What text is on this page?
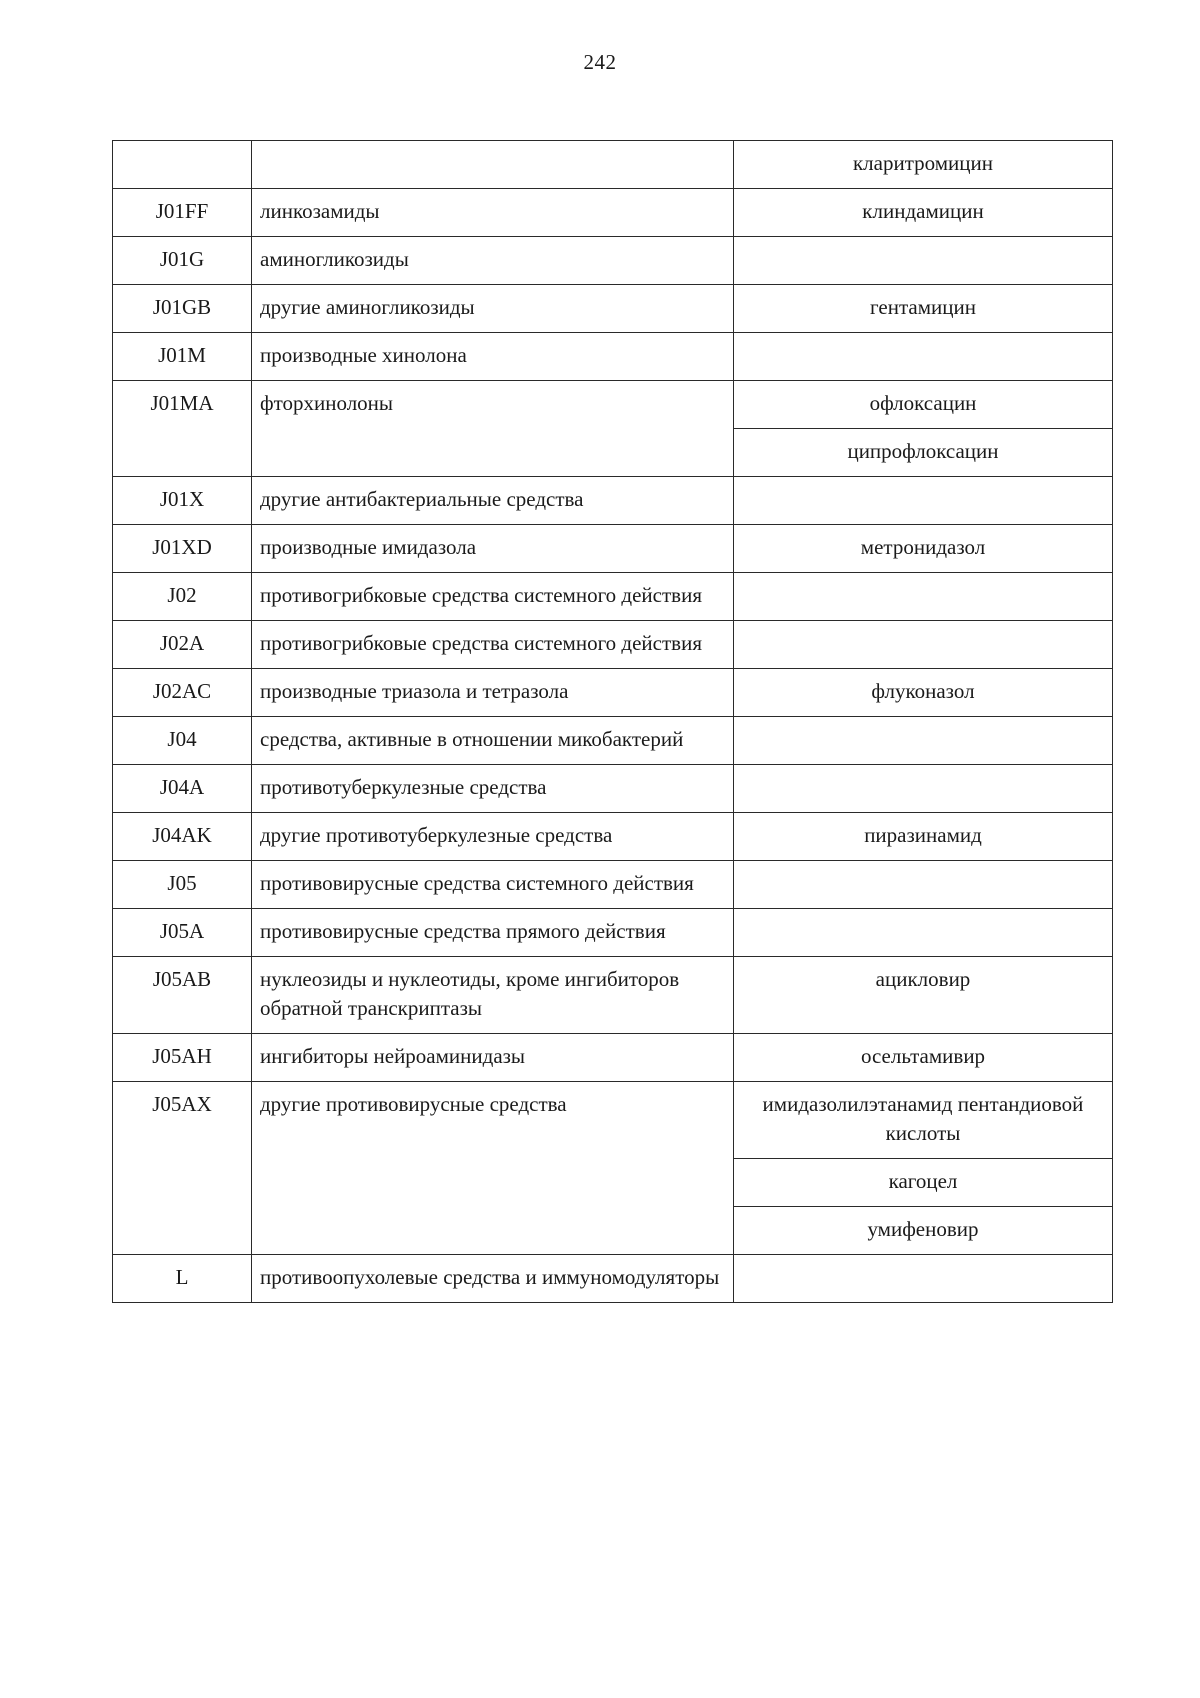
242
		кларитромицин
J01FF	линкозамиды	клиндамицин
J01G	аминогликозиды	
J01GB	другие аминогликозиды	гентамицин
J01M	производные хинолона	
J01MA	фторхинолоны	офлоксацин
		ципрофлоксацин
J01X	другие антибактериальные средства	
J01XD	производные имидазола	метронидазол
J02	противогрибковые средства системного действия	
J02A	противогрибковые средства системного действия	
J02AC	производные триазола и тетразола	флуконазол
J04	средства, активные в отношении микобактерий	
J04A	противотуберкулезные средства	
J04AK	другие противотуберкулезные средства	пиразинамид
J05	противовирусные средства системного действия	
J05A	противовирусные средства прямого действия	
J05AB	нуклеозиды и нуклеотиды, кроме ингибиторов обратной транскриптазы	ацикловир
J05AH	ингибиторы нейроаминидазы	осельтамивир
J05AX	другие противовирусные средства	имидазолилэтанамид пентандиовой кислоты
		кагоцел
		умифеновир
L	противоопухолевые средства и иммуномодуляторы	
